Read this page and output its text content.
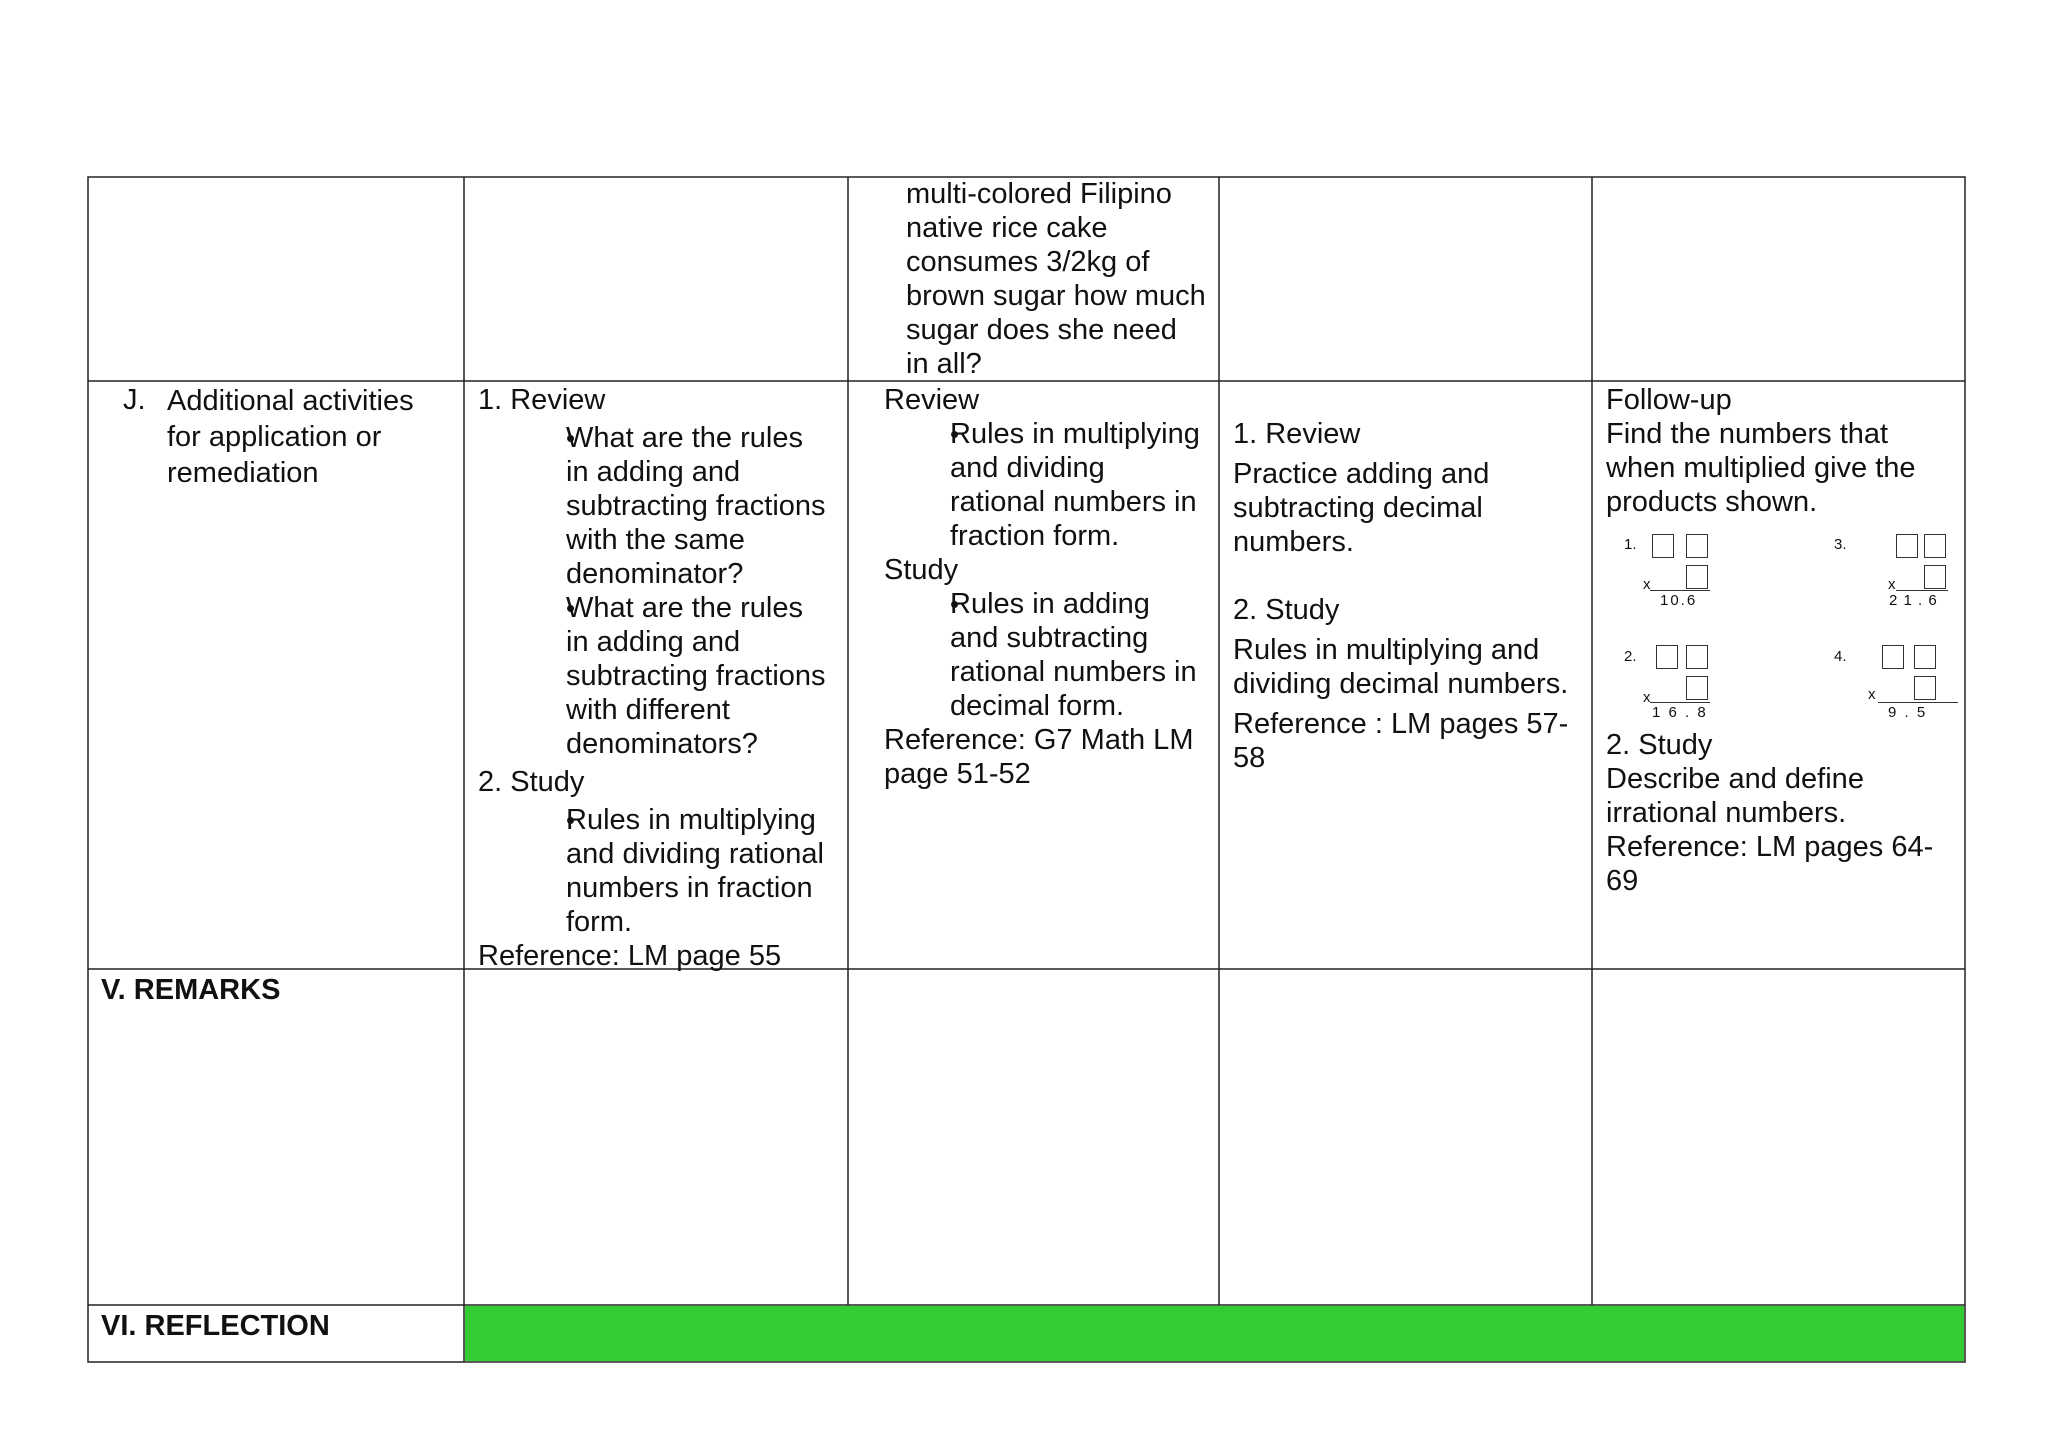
multi-colored Filipino native rice cake consumes 3/2kg of brown sugar how much sugar does she need in all?

J. Additional activities for application or remediation

1. Review

• What are the rules in adding and subtracting fractions with the same denominator?
• What are the rules in adding and subtracting fractions with different denominators?

2. Study

• Rules in multiplying and dividing rational numbers in fraction form.

Reference: LM page 55

Review

• Rules in multiplying and dividing rational numbers in fraction form.

Study

• Rules in adding and subtracting rational numbers in decimal form.

Reference: G7 Math LM page 51-52

1. Review

Practice adding and subtracting decimal numbers.

2. Study

Rules in multiplying and dividing decimal numbers.

Reference : LM pages 57-58

Follow-up

Find the numbers that when multiplied give the products shown.

1.
x
10.6
3.
x
2 1 . 6
2.
x
1 6 . 8
4.
x
9 . 5

2. Study

Describe and define irrational numbers.

Reference: LM pages 64-69

V. REMARKS

VI. REFLECTION
